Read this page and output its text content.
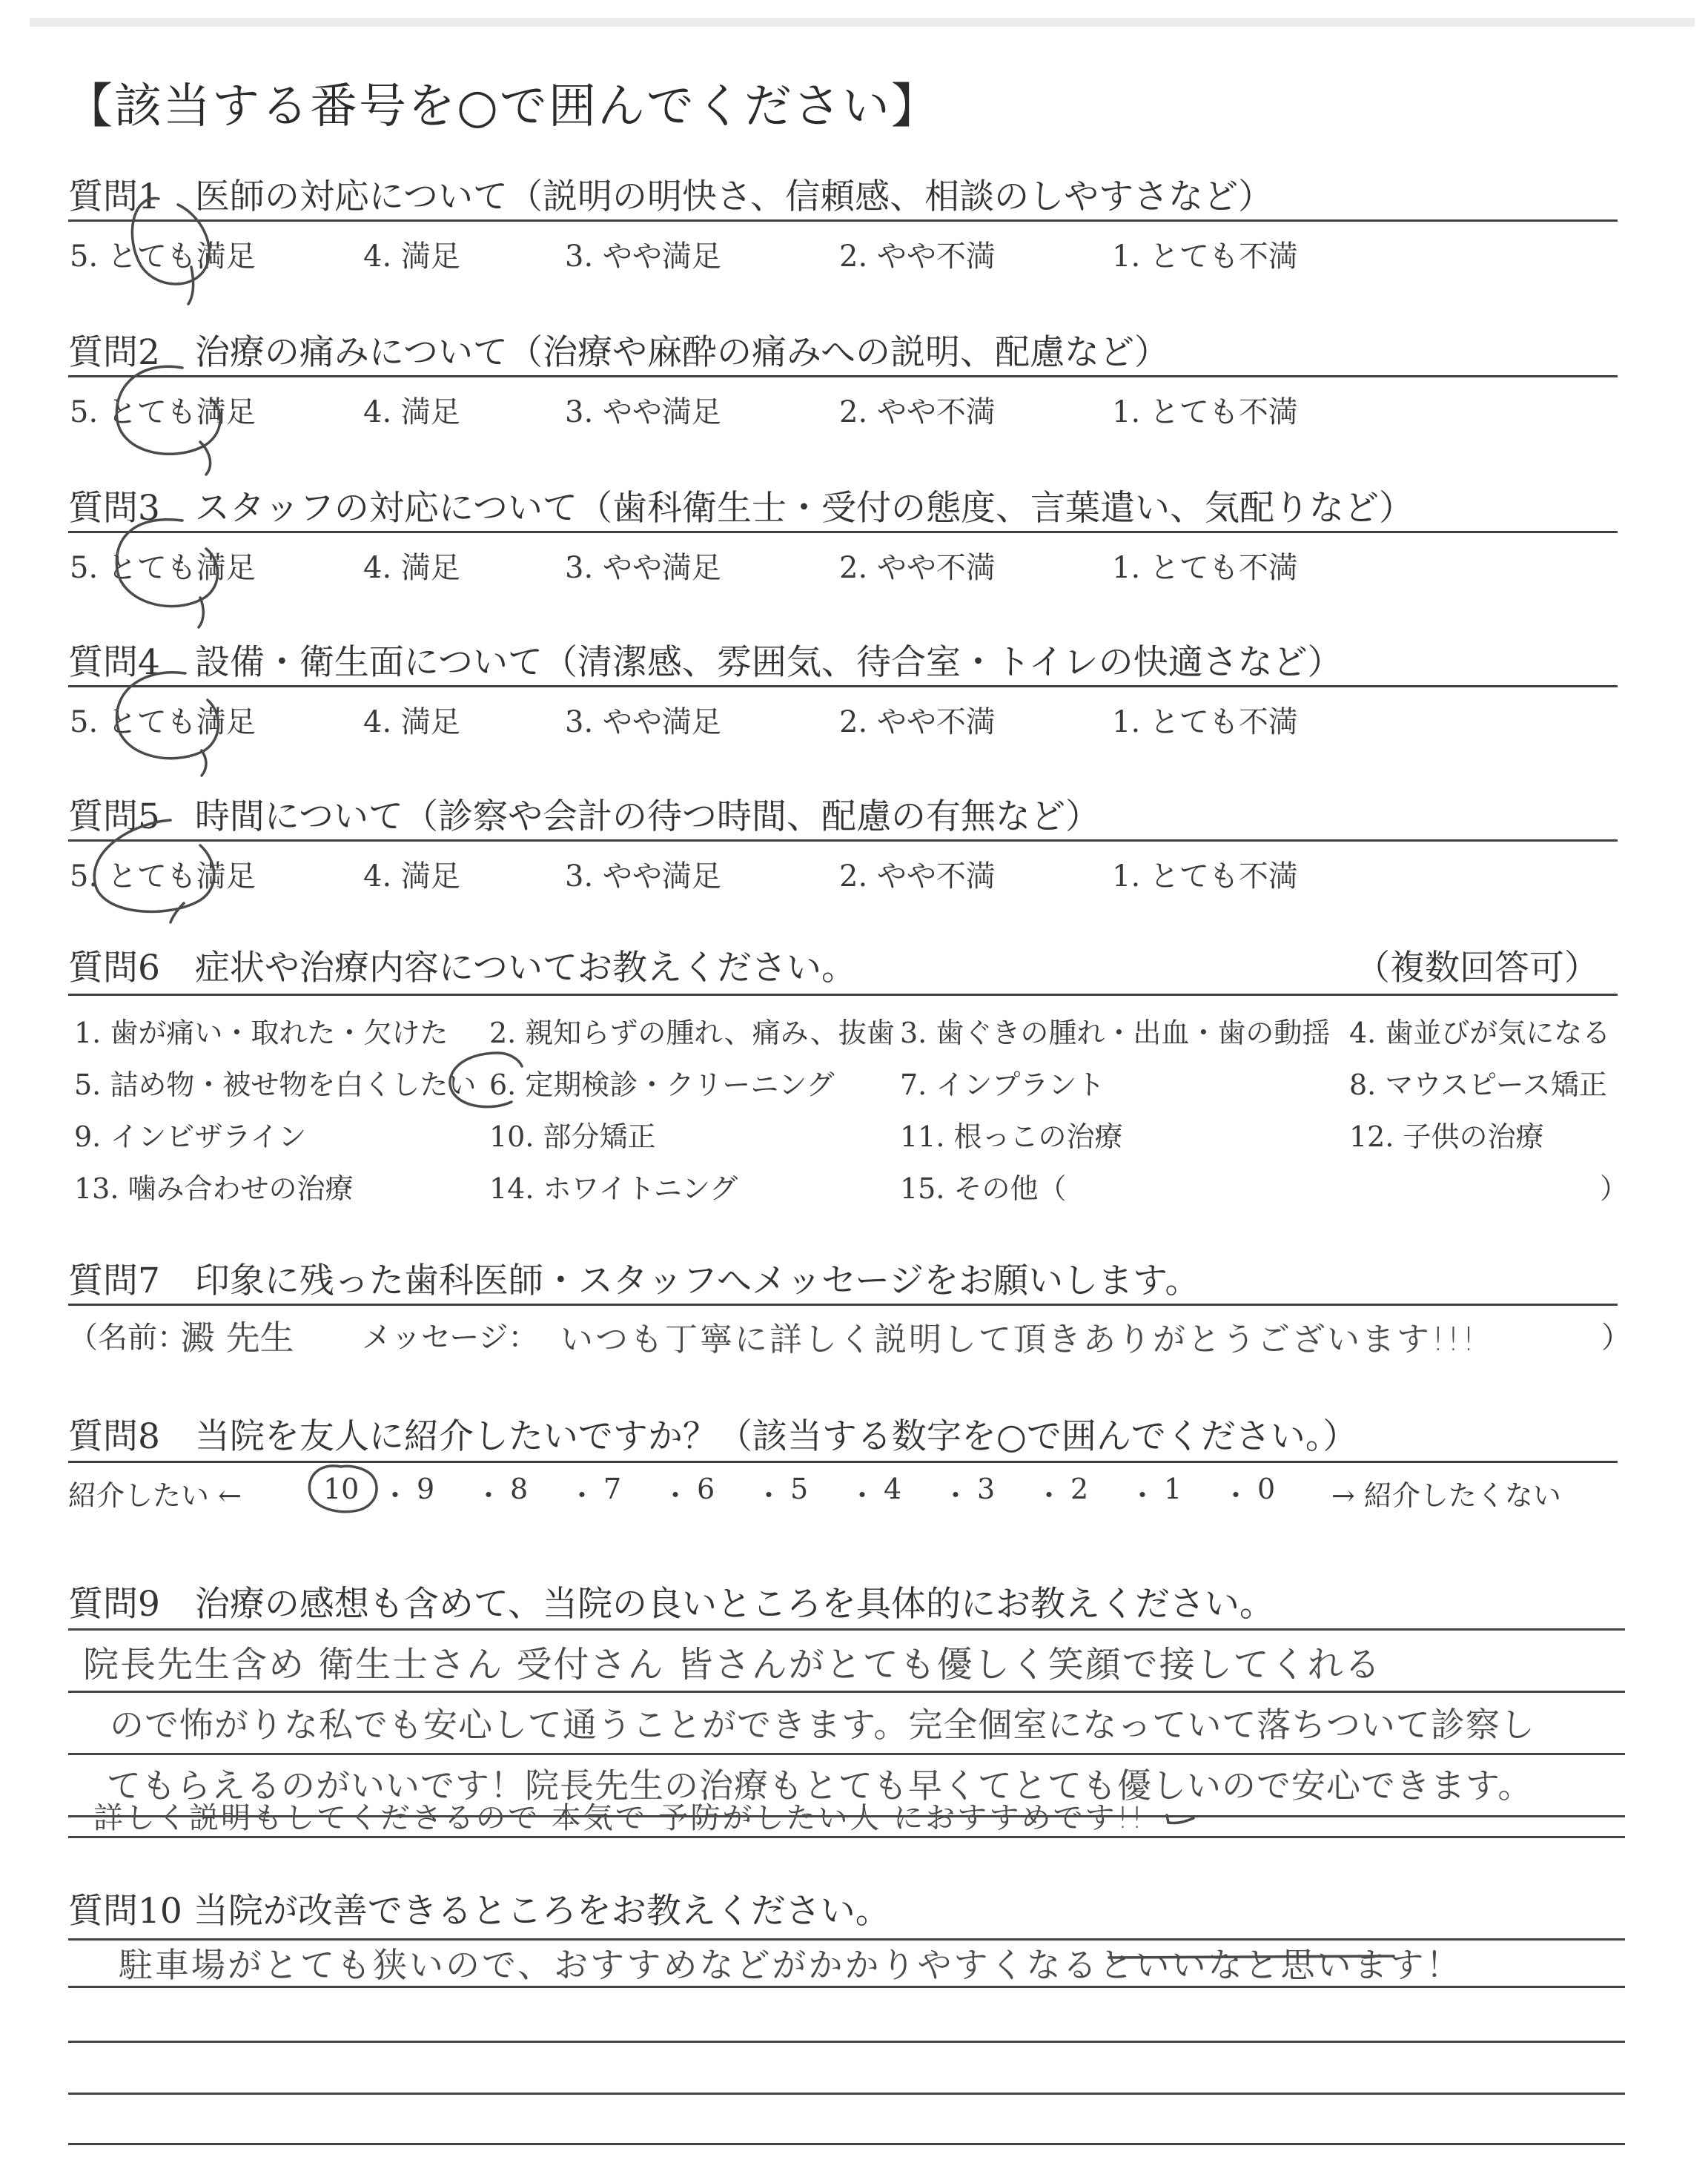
【該当する番号を○で囲んでください】
質問1　医師の対応について（説明の明快さ、信頼感、相談のしやすさなど）
5. とても満足	4. 満足	3. やや満足	2. やや不満	1. とても不満
質問2　治療の痛みについて（治療や麻酔の痛みへの説明、配慮など）
5. とても満足	4. 満足	3. やや満足	2. やや不満	1. とても不満
質問3　スタッフの対応について（歯科衛生士・受付の態度、言葉遣い、気配りなど）
5. とても満足	4. 満足	3. やや満足	2. やや不満	1. とても不満
質問4　設備・衛生面について（清潔感、雰囲気、待合室・トイレの快適さなど）
5. とても満足	4. 満足	3. やや満足	2. やや不満	1. とても不満
質問5　時間について（診察や会計の待つ時間、配慮の有無など）
5. とても満足	4. 満足	3. やや満足	2. やや不満	1. とても不満
質問6　症状や治療内容についてお教えください。	（複数回答可）
1. 歯が痛い・取れた・欠けた 2. 親知らずの腫れ、痛み、抜歯 3. 歯ぐきの腫れ・出血・歯の動揺 4. 歯並びが気になる
5. 詰め物・被せ物を白くしたい 6. 定期検診・クリーニング 7. インプラント	8. マウスピース矯正
9. インビザライン	10. 部分矯正	11. 根っこの治療	12. 子供の治療
13. 噛み合わせの治療	14. ホワイトニング	15. その他（	）
質問7　印象に残った歯科医師・スタッフへメッセージをお願いします。
（名前：
澱 先生 メッセージ： いつも丁寧に詳しく説明して頂きありがとうございます!!!	）
質問8　当院を友人に紹介したいですか？（該当する数字を○で囲んでください。）
紹介したい ←	10 ・ 9 ・ 8 ・ 7 ・ 6 ・ 5 ・ 4 ・ 3 ・ 2 ・ 1 ・ 0 → 紹介したくない
質問9　治療の感想も含めて、当院の良いところを具体的にお教えください。
院長先生含め 衛生士さん 受付さん 皆さんがとても優しく笑顔で接してくれる
ので怖がりな私でも安心して通うことができます。完全個室になっていて落ちついて診察し
てもらえるのがいいです！院長先生の治療もとても早くてとても優しいので安心できます。
詳しく説明もしてくださるので 本気で 予防がしたい人 におすすめです!!
質問10 当院が改善できるところをお教えください。
駐車場がとても狭いので、おすすめなどがかかりやすくなるといいなと思います！
